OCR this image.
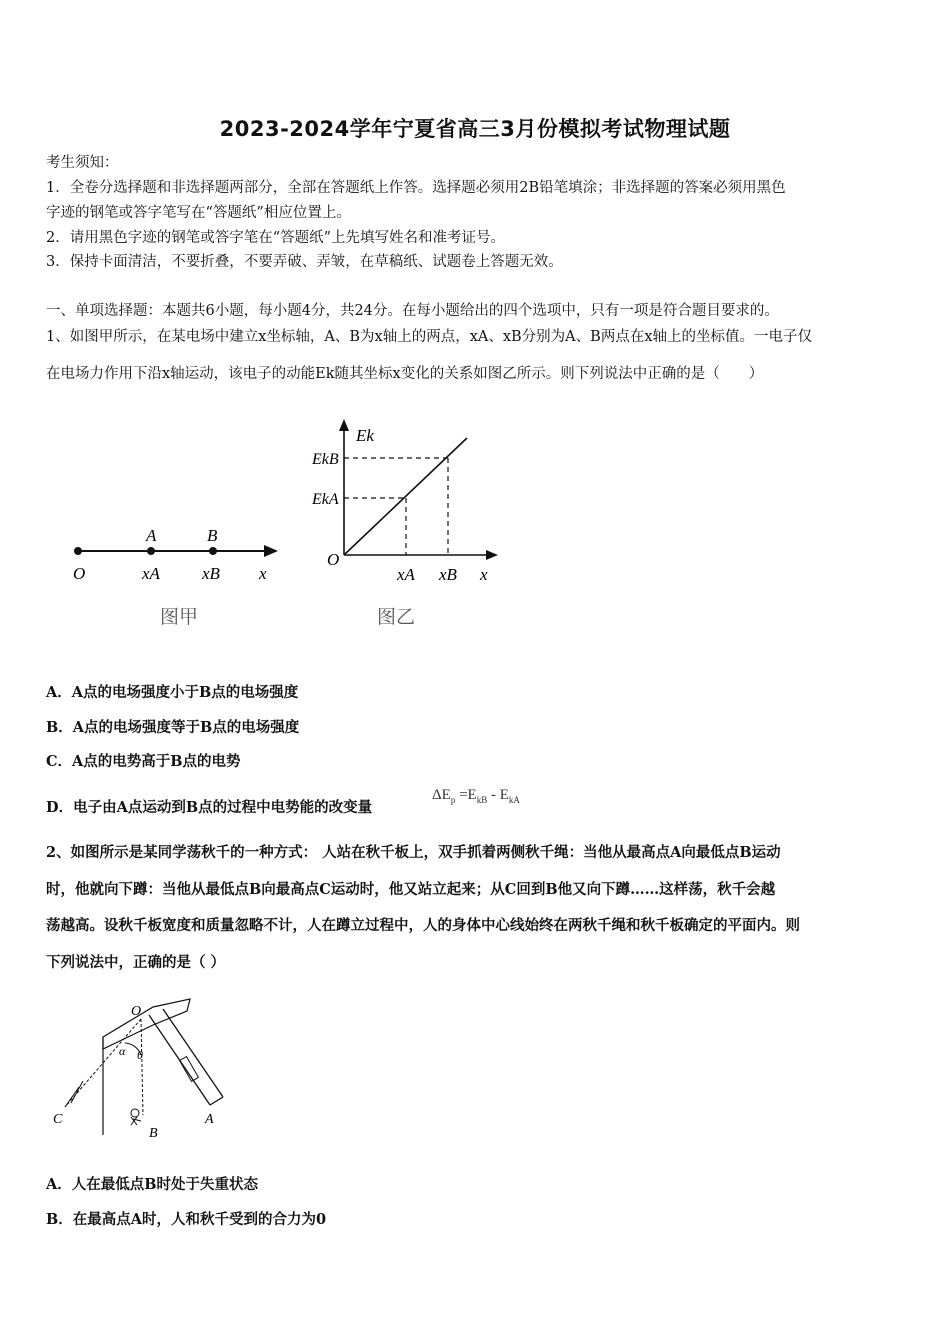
2023-2024学年宁夏省高三3月份模拟考试物理试题
考生须知：
1．全卷分选择题和非选择题两部分，全部在答题纸上作答。选择题必须用2B铅笔填涂；非选择题的答案必须用黑色
字迹的钢笔或答字笔写在“答题纸”相应位置上。
2．请用黑色字迹的钢笔或答字笔在“答题纸”上先填写姓名和准考证号。
3．保持卡面清洁，不要折叠，不要弄破、弄皱，在草稿纸、试题卷上答题无效。
一、单项选择题：本题共6小题，每小题4分，共24分。在每小题给出的四个选项中，只有一项是符合题目要求的。
1、如图甲所示，在某电场中建立x坐标轴，A、B为x轴上的两点，xA、xB分别为A、B两点在x轴上的坐标值。一电子仅
在电场力作用下沿x轴运动，该电子的动能Ek随其坐标x变化的关系如图乙所示。则下列说法中正确的是（　　）
A	B
O	xA xB x
图甲
Ek
EkB
EkA
O
xA xB x
图乙
A．A点的电场强度小于B点的电场强度
B．A点的电场强度等于B点的电场强度
C．A点的电势高于B点的电势
D．电子由A点运动到B点的过程中电势能的改变量
$\Delta E_p =E_{kB} - E_{kA}$
2、如图所示是某同学荡秋千的一种方式： 人站在秋千板上，双手抓着两侧秋千绳：当他从最高点A向最低点B运动
时，他就向下蹲：当他从最低点B向最高点C运动时，他又站立起来；从C回到B他又向下蹲……这样荡，秋千会越
荡越高。设秋千板宽度和质量忽略不计，人在蹲立过程中，人的身体中心线始终在两秋千绳和秋千板确定的平面内。则
下列说法中，正确的是（ ）
O
α θ
A
B
C
A．人在最低点B时处于失重状态
B．在最高点A时，人和秋千受到的合力为0
